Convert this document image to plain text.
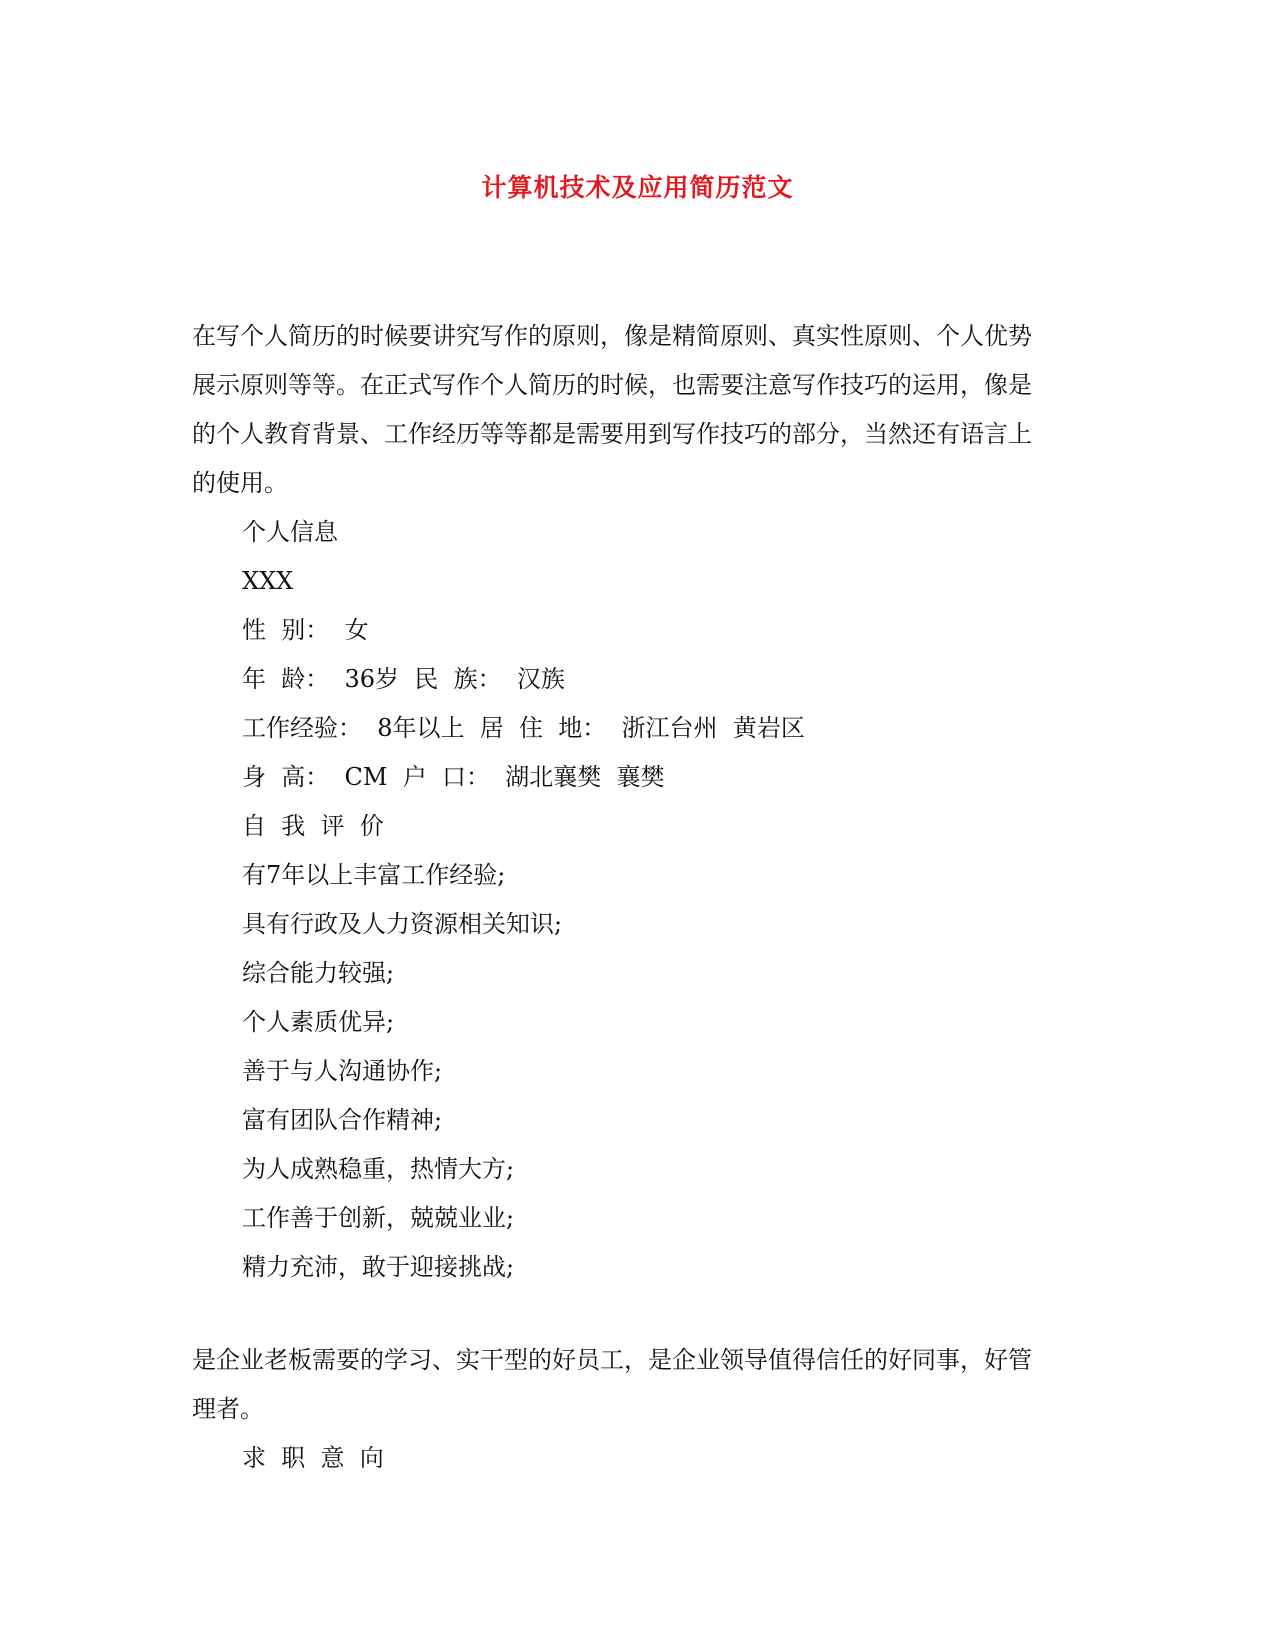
计算机技术及应用简历范文
在写个人简历的时候要讲究写作的原则，像是精简原则、真实性原则、个人优势
展示原则等等。在正式写作个人简历的时候，也需要注意写作技巧的运用，像是
的个人教育背景、工作经历等等都是需要用到写作技巧的部分，当然还有语言上
的使用。
个人信息
XXX
性  别：  女
年  龄：  36岁  民  族：  汉族
工作经验：  8年以上  居  住  地：  浙江台州  黄岩区
身  高：  CM  户  口：  湖北襄樊  襄樊
自  我  评  价
有7年以上丰富工作经验;
具有行政及人力资源相关知识;
综合能力较强;
个人素质优异;
善于与人沟通协作;
富有团队合作精神;
为人成熟稳重，热情大方;
工作善于创新，兢兢业业;
精力充沛，敢于迎接挑战;
是企业老板需要的学习、实干型的好员工，是企业领导值得信任的好同事，好管
理者。
求  职  意  向
